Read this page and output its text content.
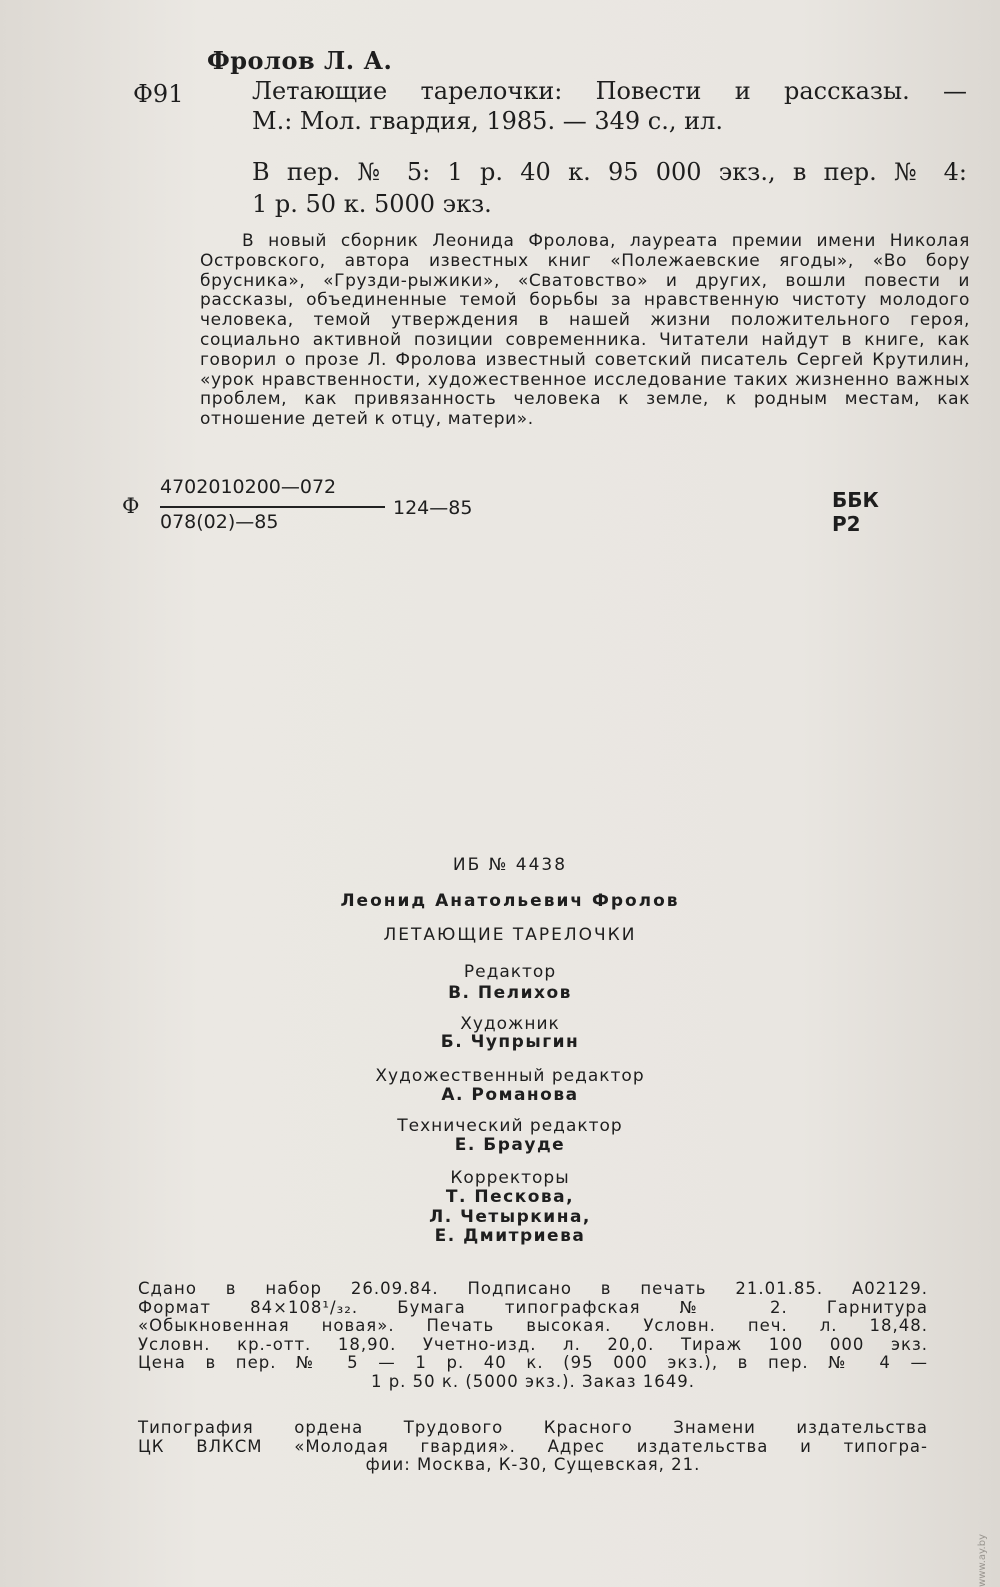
Фролов Л. А.
Ф91	Летающие тарелочки: Повести и рассказы. —
М.: Мол. гвардия, 1985. — 349 с., ил.
В пер. № 5: 1 р. 40 к. 95 000 экз., в пер. № 4:
1 р. 50 к. 5000 экз.
В новый сборник Леонида Фролова, лауреата премии имени Николая Островского, автора известных книг «Полежаевские ягоды», «Во бору брусника», «Грузди-рыжики», «Сватовство» и других, вошли повести и рассказы, объединенные темой борьбы за нравственную чистоту молодого человека, темой утверждения в нашей жизни положительного героя, социально активной позиции современника. Читатели найдут в книге, как говорил о прозе Л. Фролова известный советский писатель Сергей Крутилин, «урок нравственности, художественное исследование таких жизненно важных проблем, как привязанность человека к земле, к родным местам, как отношение детей к отцу, матери».
Ф
4702010200—072
078(02)—85
124—85	ББК
Р2
ИБ № 4438
Леонид Анатольевич Фролов
ЛЕТАЮЩИЕ ТАРЕЛОЧКИ
Редактор
В. Пелихов
Художник
Б. Чупрыгин
Художественный редактор
А. Романова
Технический редактор
Е. Брауде
Корректоры
Т. Пескова,
Л. Четыркина,
Е. Дмитриева
Сдано в набор 26.09.84. Подписано в печать 21.01.85. А02129.
Формат 84×108¹/₃₂. Бумага типографская № 2. Гарнитура
«Обыкновенная новая». Печать высокая. Условн. печ. л. 18,48.
Условн. кр.-отт. 18,90. Учетно-изд. л. 20,0. Тираж 100 000 экз.
Цена в пер. № 5 — 1 р. 40 к. (95 000 экз.), в пер. № 4 —
1 р. 50 к. (5000 экз.). Заказ 1649.
Типография ордена Трудового Красного Знамени издательства
ЦК ВЛКСМ «Молодая гвардия». Адрес издательства и типогра-
фии: Москва, К-30, Сущевская, 21.
www.ay.by
